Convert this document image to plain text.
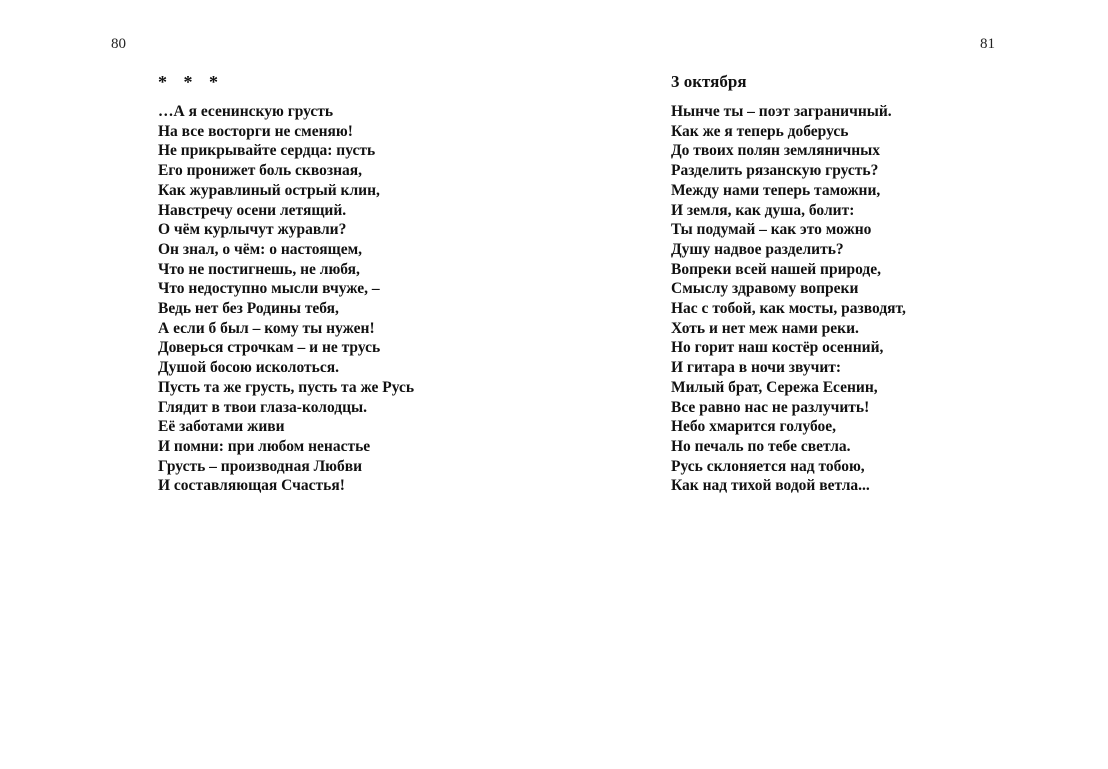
80	81
* * *
…А я есенинскую грусть
На все восторги не сменяю!
Не прикрывайте сердца: пусть
Его пронижет боль сквозная,
Как журавлиный острый клин,
Навстречу осени летящий.
О чём курлычут журавли?
Он знал, о чём: о настоящем,
Что не постигнешь, не любя,
Что недоступно мысли вчуже, –
Ведь нет без Родины тебя,
А если б был – кому ты нужен!
Доверься строчкам – и не трусь
Душой босою исколоться.
Пусть та же грусть, пусть та же Русь
Глядит в твои глаза-колодцы.
Её заботами живи
И помни: при любом ненастье
Грусть – производная Любви
И составляющая Счастья!
3 октября
Нынче ты – поэт заграничный.
Как же я теперь доберусь
До твоих полян земляничных
Разделить рязанскую грусть?
Между нами теперь таможни,
И земля, как душа, болит:
Ты подумай – как это можно
Душу надвое разделить?
Вопреки всей нашей природе,
Смыслу здравому вопреки
Нас с тобой, как мосты, разводят,
Хоть и нет меж нами реки.
Но горит наш костёр осенний,
И гитара в ночи звучит:
Милый брат, Сережа Есенин,
Все равно нас не разлучить!
Небо хмарится голубое,
Но печаль по тебе светла.
Русь склоняется над тобою,
Как над тихой водой ветла...
